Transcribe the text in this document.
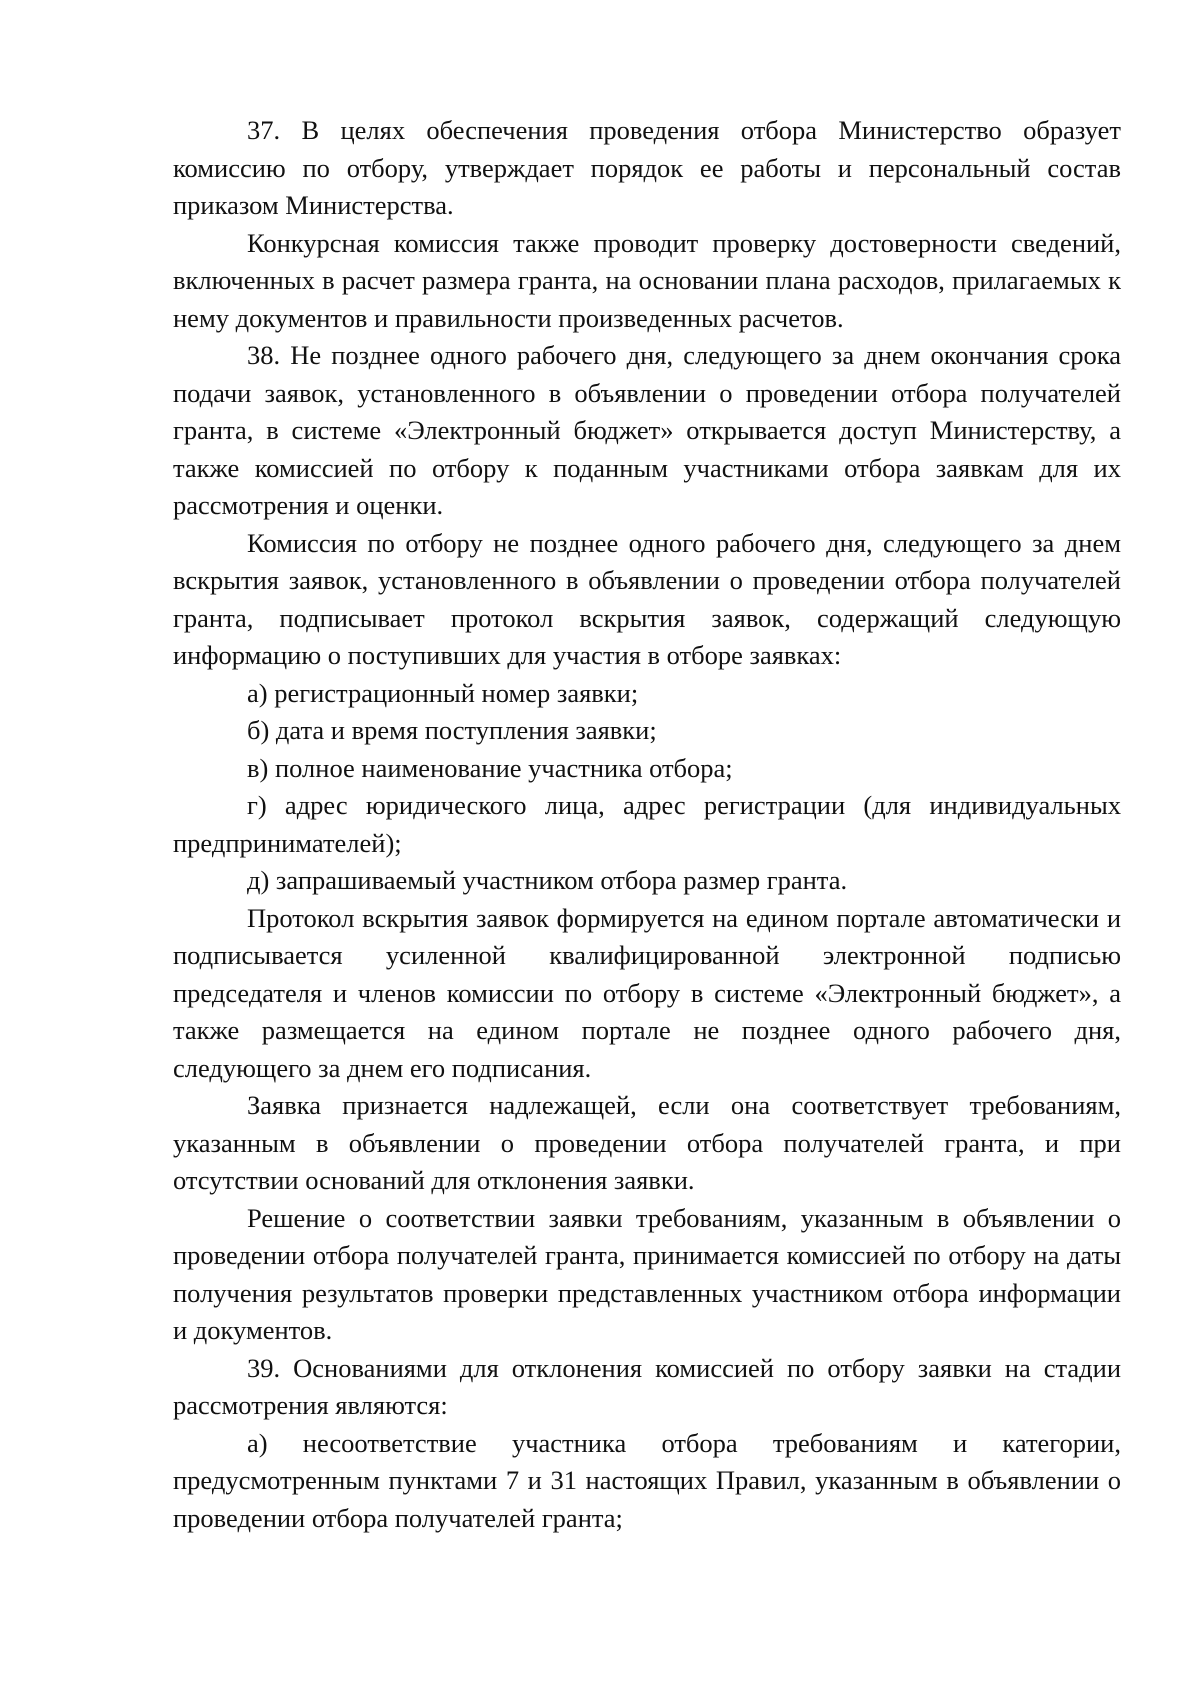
37. В целях обеспечения проведения отбора Министерство образует комиссию по отбору, утверждает порядок ее работы и персональный состав приказом Министерства.

Конкурсная комиссия также проводит проверку достоверности сведений, включенных в расчет размера гранта, на основании плана расходов, прилагаемых к нему документов и правильности произведенных расчетов.

38. Не позднее одного рабочего дня, следующего за днем окончания срока подачи заявок, установленного в объявлении о проведении отбора получателей гранта, в системе «Электронный бюджет» открывается доступ Министерству, а также комиссией по отбору к поданным участниками отбора заявкам для их рассмотрения и оценки.

Комиссия по отбору не позднее одного рабочего дня, следующего за днем вскрытия заявок, установленного в объявлении о проведении отбора получателей гранта, подписывает протокол вскрытия заявок, содержащий следующую информацию о поступивших для участия в отборе заявках:

а) регистрационный номер заявки;

б) дата и время поступления заявки;

в) полное наименование участника отбора;

г) адрес юридического лица, адрес регистрации (для индивидуальных предпринимателей);

д) запрашиваемый участником отбора размер гранта.

Протокол вскрытия заявок формируется на едином портале автоматически и подписывается усиленной квалифицированной электронной подписью председателя и членов комиссии по отбору в системе «Электронный бюджет», а также размещается на едином портале не позднее одного рабочего дня, следующего за днем его подписания.

Заявка признается надлежащей, если она соответствует требованиям, указанным в объявлении о проведении отбора получателей гранта, и при отсутствии оснований для отклонения заявки.

Решение о соответствии заявки требованиям, указанным в объявлении о проведении отбора получателей гранта, принимается комиссией по отбору на даты получения результатов проверки представленных участником отбора информации и документов.

39. Основаниями для отклонения комиссией по отбору заявки на стадии рассмотрения являются:

а) несоответствие участника отбора требованиям и категории, предусмотренным пунктами 7 и 31 настоящих Правил, указанным в объявлении о проведении отбора получателей гранта;
